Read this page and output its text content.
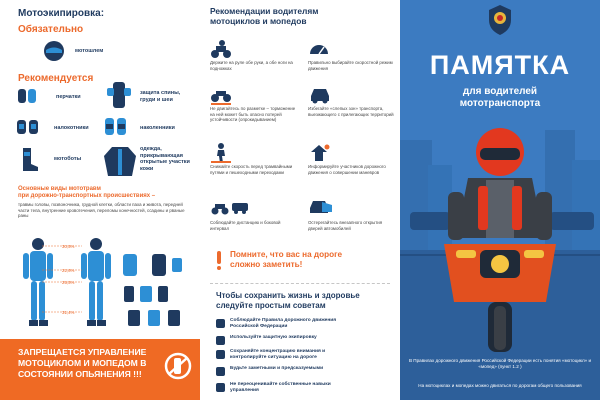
Мотоэкипировка:
Обязательно
мотошлем
Рекомендуется
перчатки
защита спины,
груди и шеи
налокотники	наколенники
мотоботы
одежда,
прикрывающая
открытые участки
кожи
Основные виды мототравм
при дорожно-транспортных происшествиях –
травмы головы, позвоночника, грудной клетки, области паха и живота, передней части тела, внутренние кровотечения, переломы конечностей, ссадины и рваные раны
30,5%
22,6%
25,5%
31,4%
ЗАПРЕЩАЕТСЯ УПРАВЛЕНИЕ МОТОЦИКЛОМ И МОПЕДОМ В СОСТОЯНИИ ОПЬЯНЕНИЯ !!!
Рекомендации водителям
мотоциклов и мопедов
Держите на руле обе руки, а обе ноги на подножках
Правильно выбирайте скоростной режим движения
Не двигайтесь по разметке – торможение на ней может быть опасно потерей устойчивости (опрокидыванием)
Избегайте «слепых зон» транспорта, выезжающего с прилегающих территорий
Снижайте скорость перед трамвайными путями и пешеходными переходами
Информируйте участников дорожного движения о совершении маневров
Соблюдайте дистанцию и боковой интервал
Остерегайтесь внезапного открытия дверей автомобилей
Помните, что вас на дороге сложно заметить!
Чтобы сохранить жизнь и здоровье следуйте простым советам
Соблюдайте Правила дорожного движения Российской Федерации
Используйте защитную экипировку
Сохраняйте концентрацию внимания и контролируйте ситуацию на дороге
Будьте заметными и предсказуемыми
Не переоценивайте собственные навыки управления
ПАМЯТКА
для водителей
мототранспорта
В Правилах дорожного движения Российской Федерации есть понятия «мотоцикл» и «мопед» (пункт 1.2 )
На мотоциклах и мопедах можно двигаться по дорогам общего пользования
